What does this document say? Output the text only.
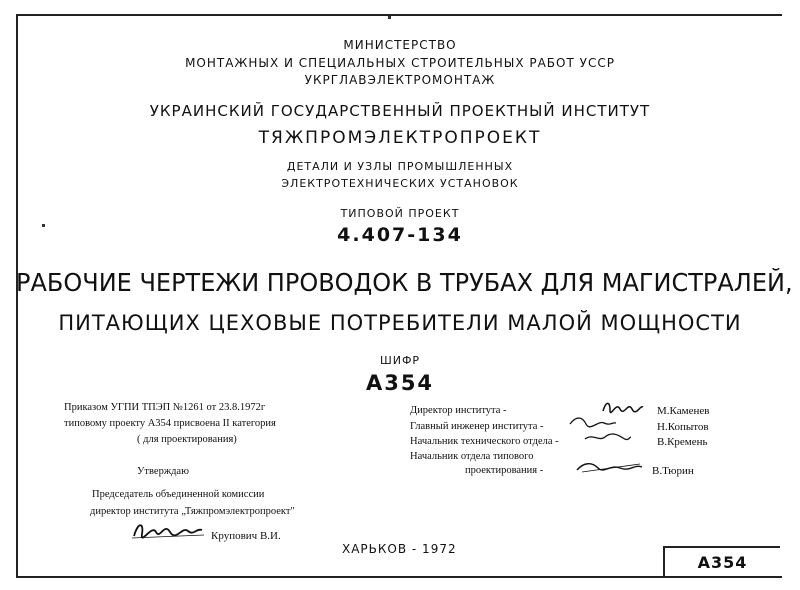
МИНИСТЕРСТВО
МОНТАЖНЫХ И СПЕЦИАЛЬНЫХ СТРОИТЕЛЬНЫХ РАБОТ УССР
УКРГЛАВЭЛЕКТРОМОНТАЖ
УКРАИНСКИЙ ГОСУДАРСТВЕННЫЙ ПРОЕКТНЫЙ ИНСТИТУТ
ТЯЖПРОМЭЛЕКТРОПРОЕКТ
ДЕТАЛИ И УЗЛЫ ПРОМЫШЛЕННЫХ
ЭЛЕКТРОТЕХНИЧЕСКИХ УСТАНОВОК
ТИПОВОЙ ПРОЕКТ
4.407-134
РАБОЧИЕ ЧЕРТЕЖИ ПРОВОДОК В ТРУБАХ ДЛЯ МАГИСТРАЛЕЙ,
ПИТАЮЩИХ ЦЕХОВЫЕ ПОТРЕБИТЕЛИ МАЛОЙ МОЩНОСТИ
ШИФР
А354
Приказом УГПИ ТПЭП №1261 от 23.8.1972г
типовому проекту А354 присвоена II категория
( для проектирования)
Утверждаю
Председатель объединенной комиссии
директор института „Тяжпромэлектропроект"
Крупович В.И.
Директор института -
Главный инженер института -
Начальник технического отдела -
Начальник отдела типового
проектирования -
М.Каменев
Н.Копытов
В.Кремень
В.Тюрин
ХАРЬКОВ - 1972
А354
